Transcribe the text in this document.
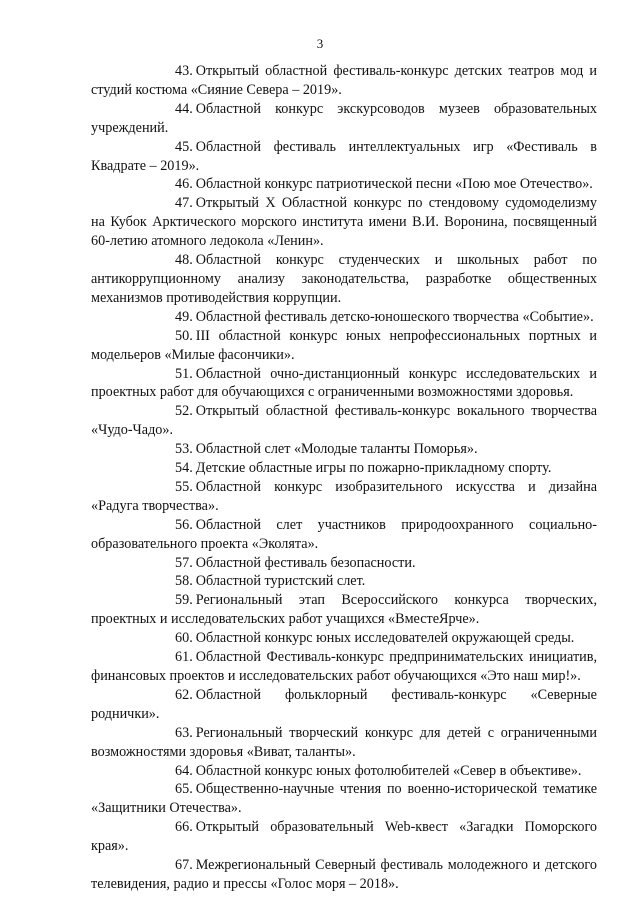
3

43. Открытый областной фестиваль-конкурс детских театров мод и студий костюма «Сияние Севера – 2019».

44. Областной конкурс экскурсоводов музеев образовательных учреждений.

45. Областной фестиваль интеллектуальных игр «Фестиваль в Квадрате – 2019».

46. Областной конкурс патриотической песни «Пою мое Отечество».

47. Открытый X Областной конкурс по стендовому судомоделизму на Кубок Арктического морского института имени В.И. Воронина, посвященный 60-летию атомного ледокола «Ленин».

48. Областной конкурс студенческих и школьных работ по антикоррупционному анализу законодательства, разработке общественных механизмов противодействия коррупции.

49. Областной фестиваль детско-юношеского творчества «Событие».

50. III областной конкурс юных непрофессиональных портных и модельеров «Милые фасончики».

51. Областной очно-дистанционный конкурс исследовательских и проектных работ для обучающихся с ограниченными возможностями здоровья.

52. Открытый областной фестиваль-конкурс вокального творчества «Чудо-Чадо».

53. Областной слет «Молодые таланты Поморья».

54. Детские областные игры по пожарно-прикладному спорту.

55. Областной конкурс изобразительного искусства и дизайна «Радуга творчества».

56. Областной слет участников природоохранного социально-образовательного проекта «Эколята».

57. Областной фестиваль безопасности.

58. Областной туристский слет.

59. Региональный этап Всероссийского конкурса творческих, проектных и исследовательских работ учащихся «ВместеЯрче».

60. Областной конкурс юных исследователей окружающей среды.

61. Областной Фестиваль-конкурс предпринимательских инициатив, финансовых проектов и исследовательских работ обучающихся «Это наш мир!».

62. Областной фольклорный фестиваль-конкурс «Северные роднички».

63. Региональный творческий конкурс для детей с ограниченными возможностями здоровья «Виват, таланты».

64. Областной конкурс юных фотолюбителей «Север в объективе».

65. Общественно-научные чтения по военно-исторической тематике «Защитники Отечества».

66. Открытый образовательный Web-квест «Загадки Поморского края».

67. Межрегиональный Северный фестиваль молодежного и детского телевидения, радио и прессы «Голос моря – 2018».
